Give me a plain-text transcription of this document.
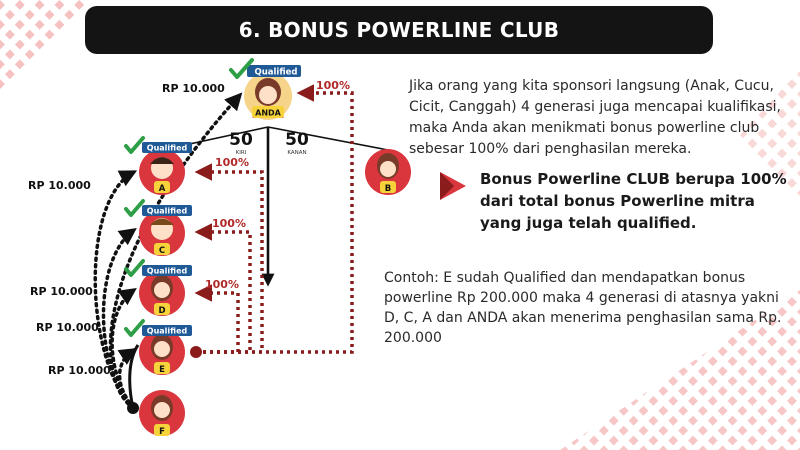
ANDA
Qualified
A
Qualified
B
C
Qualified
D
Qualified
E
Qualified
F
50
KIRI
50
KANAN
RP 10.000
RP 10.000
RP 10.000
RP 10.000
RP 10.000
100%
100%
100%
100%
6. BONUS POWERLINE CLUB
Jika orang yang kita sponsori langsung (Anak, Cucu, Cicit, Canggah) 4 generasi juga mencapai kualifikasi, maka Anda akan menikmati bonus powerline club sebesar 100% dari penghasilan mereka.
Bonus Powerline CLUB berupa 100% dari total bonus Powerline mitra yang juga telah qualified.
Contoh: E sudah Qualified dan mendapatkan bonus powerline Rp 200.000 maka 4 generasi di atasnya yakni D, C, A dan ANDA akan menerima penghasilan sama Rp. 200.000
